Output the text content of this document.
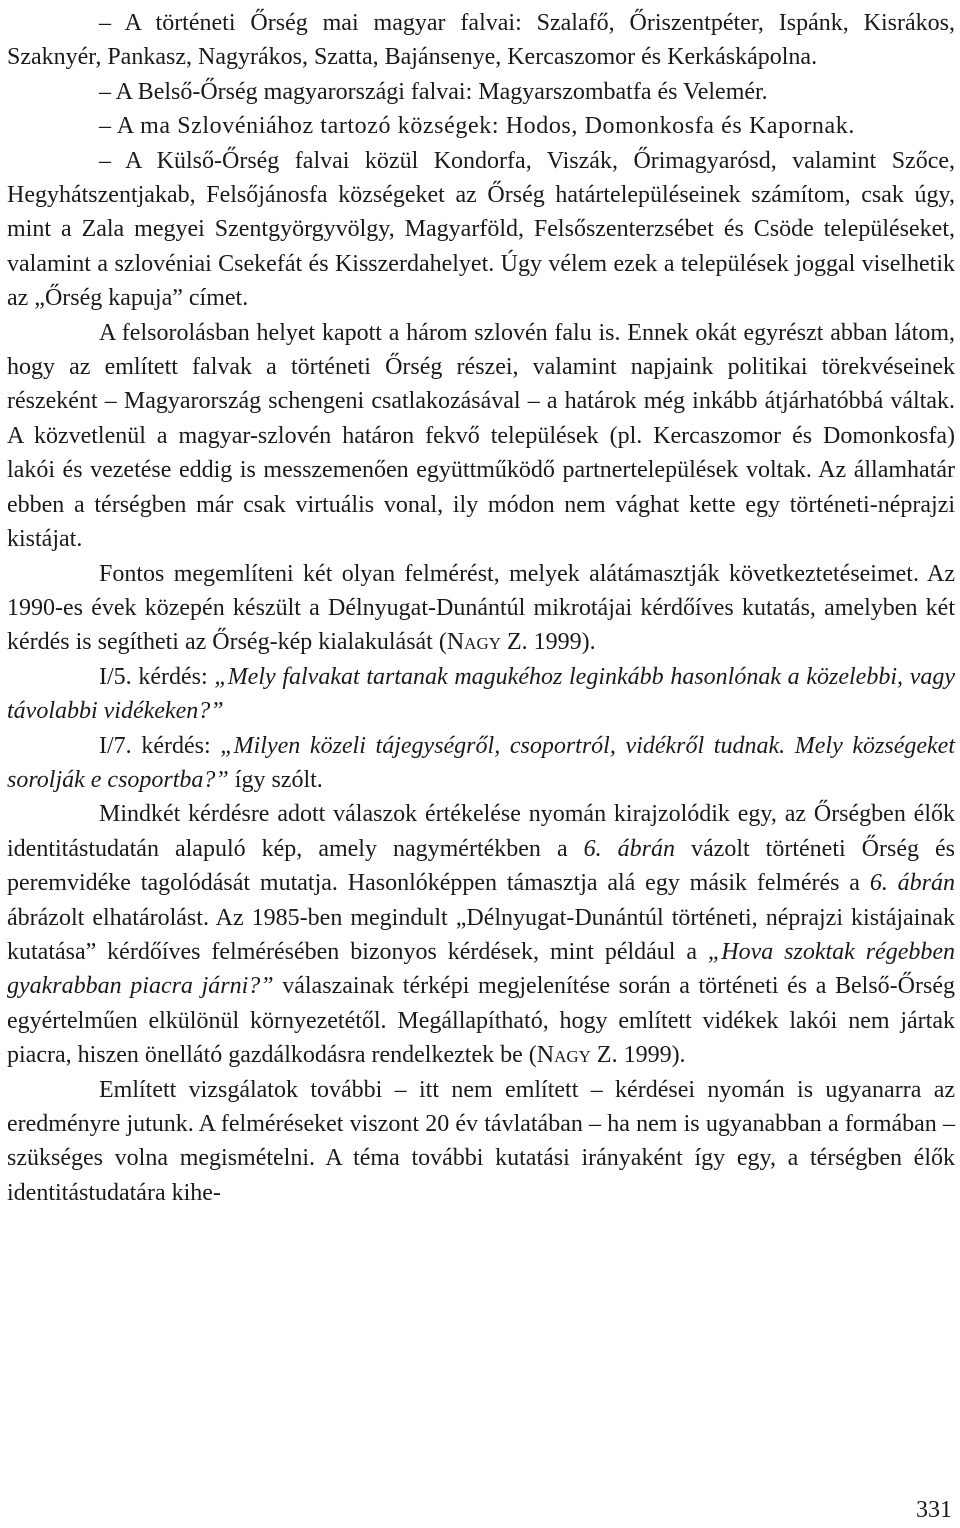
– A történeti Őrség mai magyar falvai: Szalafő, Őriszentpéter, Ispánk, Kisrákos, Szaknyér, Pankasz, Nagyrákos, Szatta, Bajánsenye, Kercaszomor és Kerkáskápolna.

– A Belső-Őrség magyarországi falvai: Magyarszombatfa és Velemér.

– A ma Szlovéniához tartozó községek: Hodos, Domonkosfa és Kapornak.

– A Külső-Őrség falvai közül Kondorfa, Viszák, Őrimagyarósd, valamint Szőce, Hegyhátszentjakab, Felsőjánosfa községeket az Őrség határtelepüléseinek számítom, csak úgy, mint a Zala megyei Szentgyörgyvölgy, Magyarföld, Felsőszenterzsébet és Csöde településeket, valamint a szlovéniai Csekefát és Kisszerdahelyet. Úgy vélem ezek a települések joggal viselhetik az „Őrség kapuja” címet.

A felsorolásban helyet kapott a három szlovén falu is. Ennek okát egyrészt abban látom, hogy az említett falvak a történeti Őrség részei, valamint napjaink politikai törekvéseinek részeként – Magyarország schengeni csatlakozásával – a határok még inkább átjárhatóbbá váltak. A közvetlenül a magyar-szlovén határon fekvő települések (pl. Kercaszomor és Domonkosfa) lakói és vezetése eddig is messzemenően együttműködő partnertelepülések voltak. Az államhatár ebben a térségben már csak virtuális vonal, ily módon nem vághat kette egy történeti-néprajzi kistájat.

Fontos megemlíteni két olyan felmérést, melyek alátámasztják következtetéseimet. Az 1990-es évek közepén készült a Délnyugat-Dunántúl mikrotájai kérdőíves kutatás, amelyben két kérdés is segítheti az Őrség-kép kialakulását (Nagy Z. 1999).

I/5. kérdés: „Mely falvakat tartanak magukéhoz leginkább hasonlónak a közelebbi, vagy távolabbi vidékeken?”

I/7. kérdés: „Milyen közeli tájegységről, csoportról, vidékről tudnak. Mely községeket sorolják e csoportba?” így szólt.

Mindkét kérdésre adott válaszok értékelése nyomán kirajzolódik egy, az Őrségben élők identitástudatán alapuló kép, amely nagymértékben a 6. ábrán vázolt történeti Őrség és peremvidéke tagolódását mutatja. Hasonlóképpen támasztja alá egy másik felmérés a 6. ábrán ábrázolt elhatárolást. Az 1985-ben megindult „Délnyugat-Dunántúl történeti, néprajzi kistájainak kutatása” kérdőíves felmérésében bizonyos kérdések, mint például a „Hova szoktak régebben gyakrabban piacra járni?” válaszainak térképi megjelenítése során a történeti és a Belső-Őrség egyértelműen elkülönül környezetétől. Megállapítható, hogy említett vidékek lakói nem jártak piacra, hiszen önellátó gazdálkodásra rendelkeztek be (Nagy Z. 1999).

Említett vizsgálatok további – itt nem említett – kérdései nyomán is ugyanarra az eredményre jutunk. A felméréseket viszont 20 év távlatában – ha nem is ugyanabban a formában – szükséges volna megismételni. A téma további kutatási irányaként így egy, a térségben élők identitástudatára kihe-

331
